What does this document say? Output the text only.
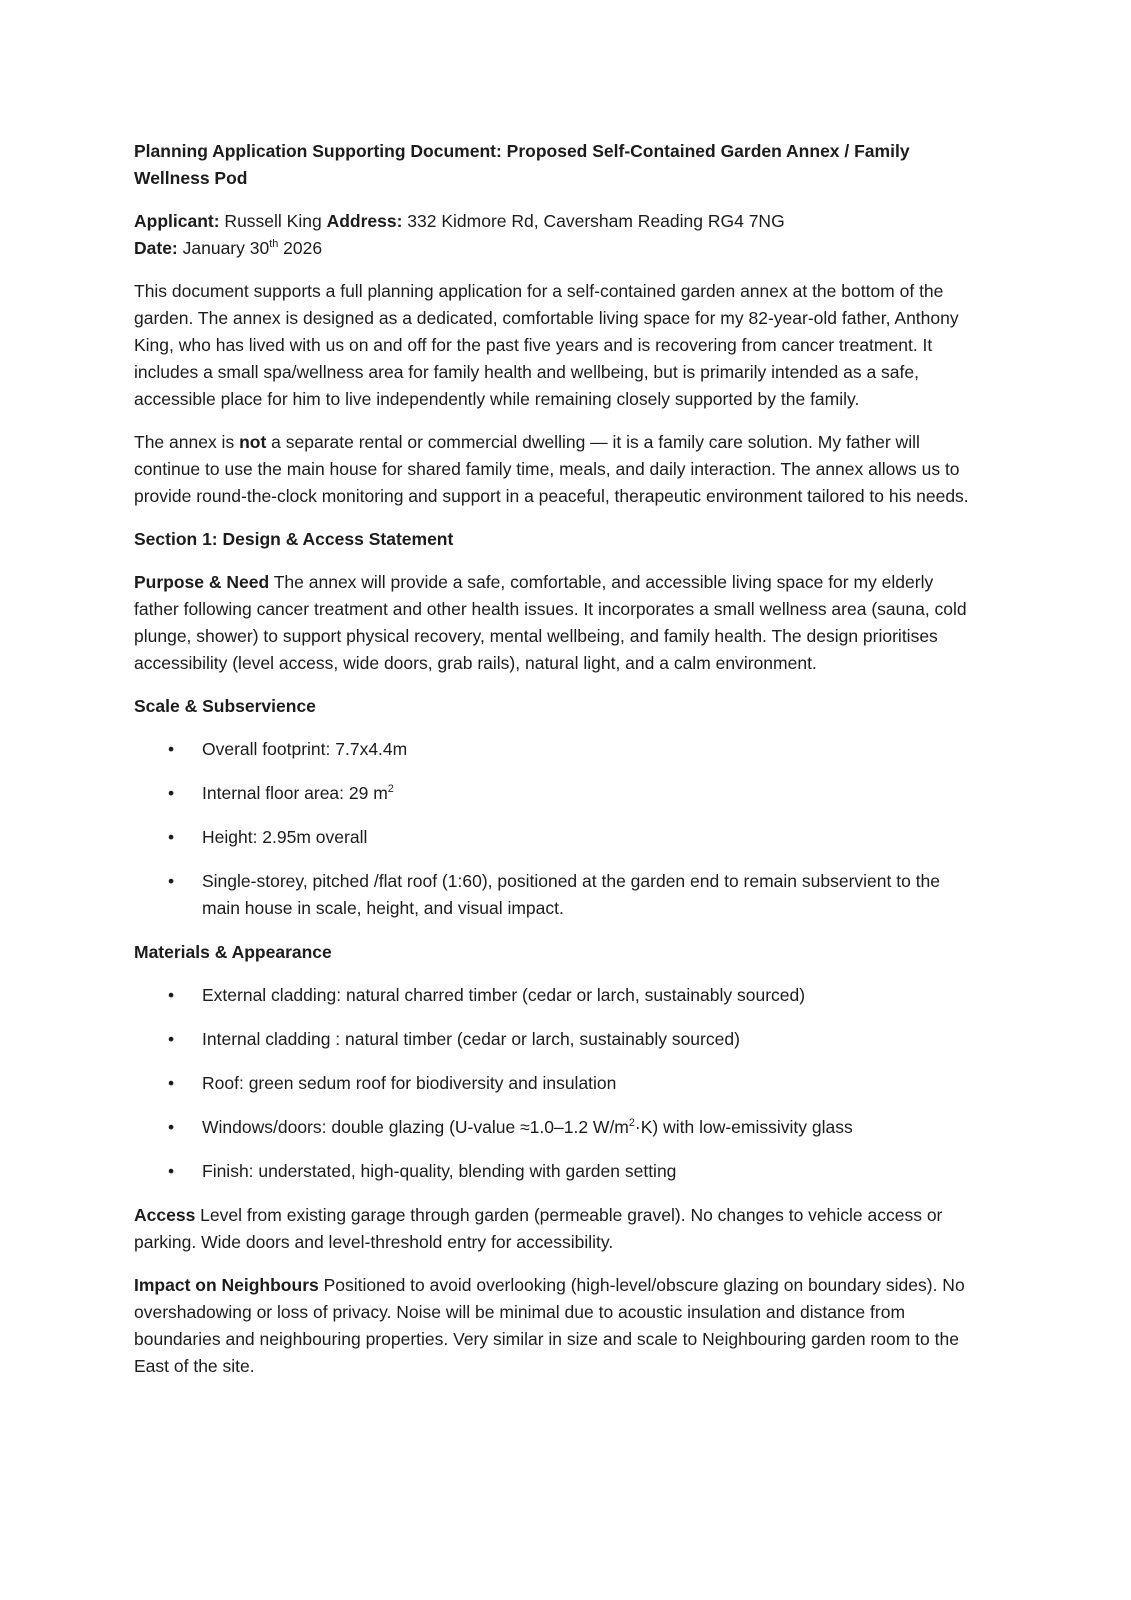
Planning Application Supporting Document: Proposed Self-Contained Garden Annex / Family Wellness Pod

Applicant: Russell King Address: 332 Kidmore Rd, Caversham Reading RG4 7NG
Date: January 30th 2026

This document supports a full planning application for a self-contained garden annex at the bottom of the garden. The annex is designed as a dedicated, comfortable living space for my 82-year-old father, Anthony King, who has lived with us on and off for the past five years and is recovering from cancer treatment. It includes a small spa/wellness area for family health and wellbeing, but is primarily intended as a safe, accessible place for him to live independently while remaining closely supported by the family.

The annex is not a separate rental or commercial dwelling — it is a family care solution. My father will continue to use the main house for shared family time, meals, and daily interaction. The annex allows us to provide round-the-clock monitoring and support in a peaceful, therapeutic environment tailored to his needs.

Section 1: Design & Access Statement

Purpose & Need The annex will provide a safe, comfortable, and accessible living space for my elderly father following cancer treatment and other health issues. It incorporates a small wellness area (sauna, cold plunge, shower) to support physical recovery, mental wellbeing, and family health. The design prioritises accessibility (level access, wide doors, grab rails), natural light, and a calm environment.

Scale & Subservience

• Overall footprint: 7.7x4.4m
• Internal floor area: 29 $m^2$
• Height: 2.95m overall
• Single-storey, pitched /flat roof (1:60), positioned at the garden end to remain subservient to the main house in scale, height, and visual impact.

Materials & Appearance

• External cladding: natural charred timber (cedar or larch, sustainably sourced)
• Internal cladding : natural timber (cedar or larch, sustainably sourced)
• Roof: green sedum roof for biodiversity and insulation
• Windows/doors: double glazing (U-value ≈1.0–1.2 $W/m^2\cdot K$) with low-emissivity glass
• Finish: understated, high-quality, blending with garden setting

Access Level from existing garage through garden (permeable gravel). No changes to vehicle access or parking. Wide doors and level-threshold entry for accessibility.

Impact on Neighbours Positioned to avoid overlooking (high-level/obscure glazing on boundary sides). No overshadowing or loss of privacy. Noise will be minimal due to acoustic insulation and distance from boundaries and neighbouring properties. Very similar in size and scale to Neighbouring garden room to the East of the site.
